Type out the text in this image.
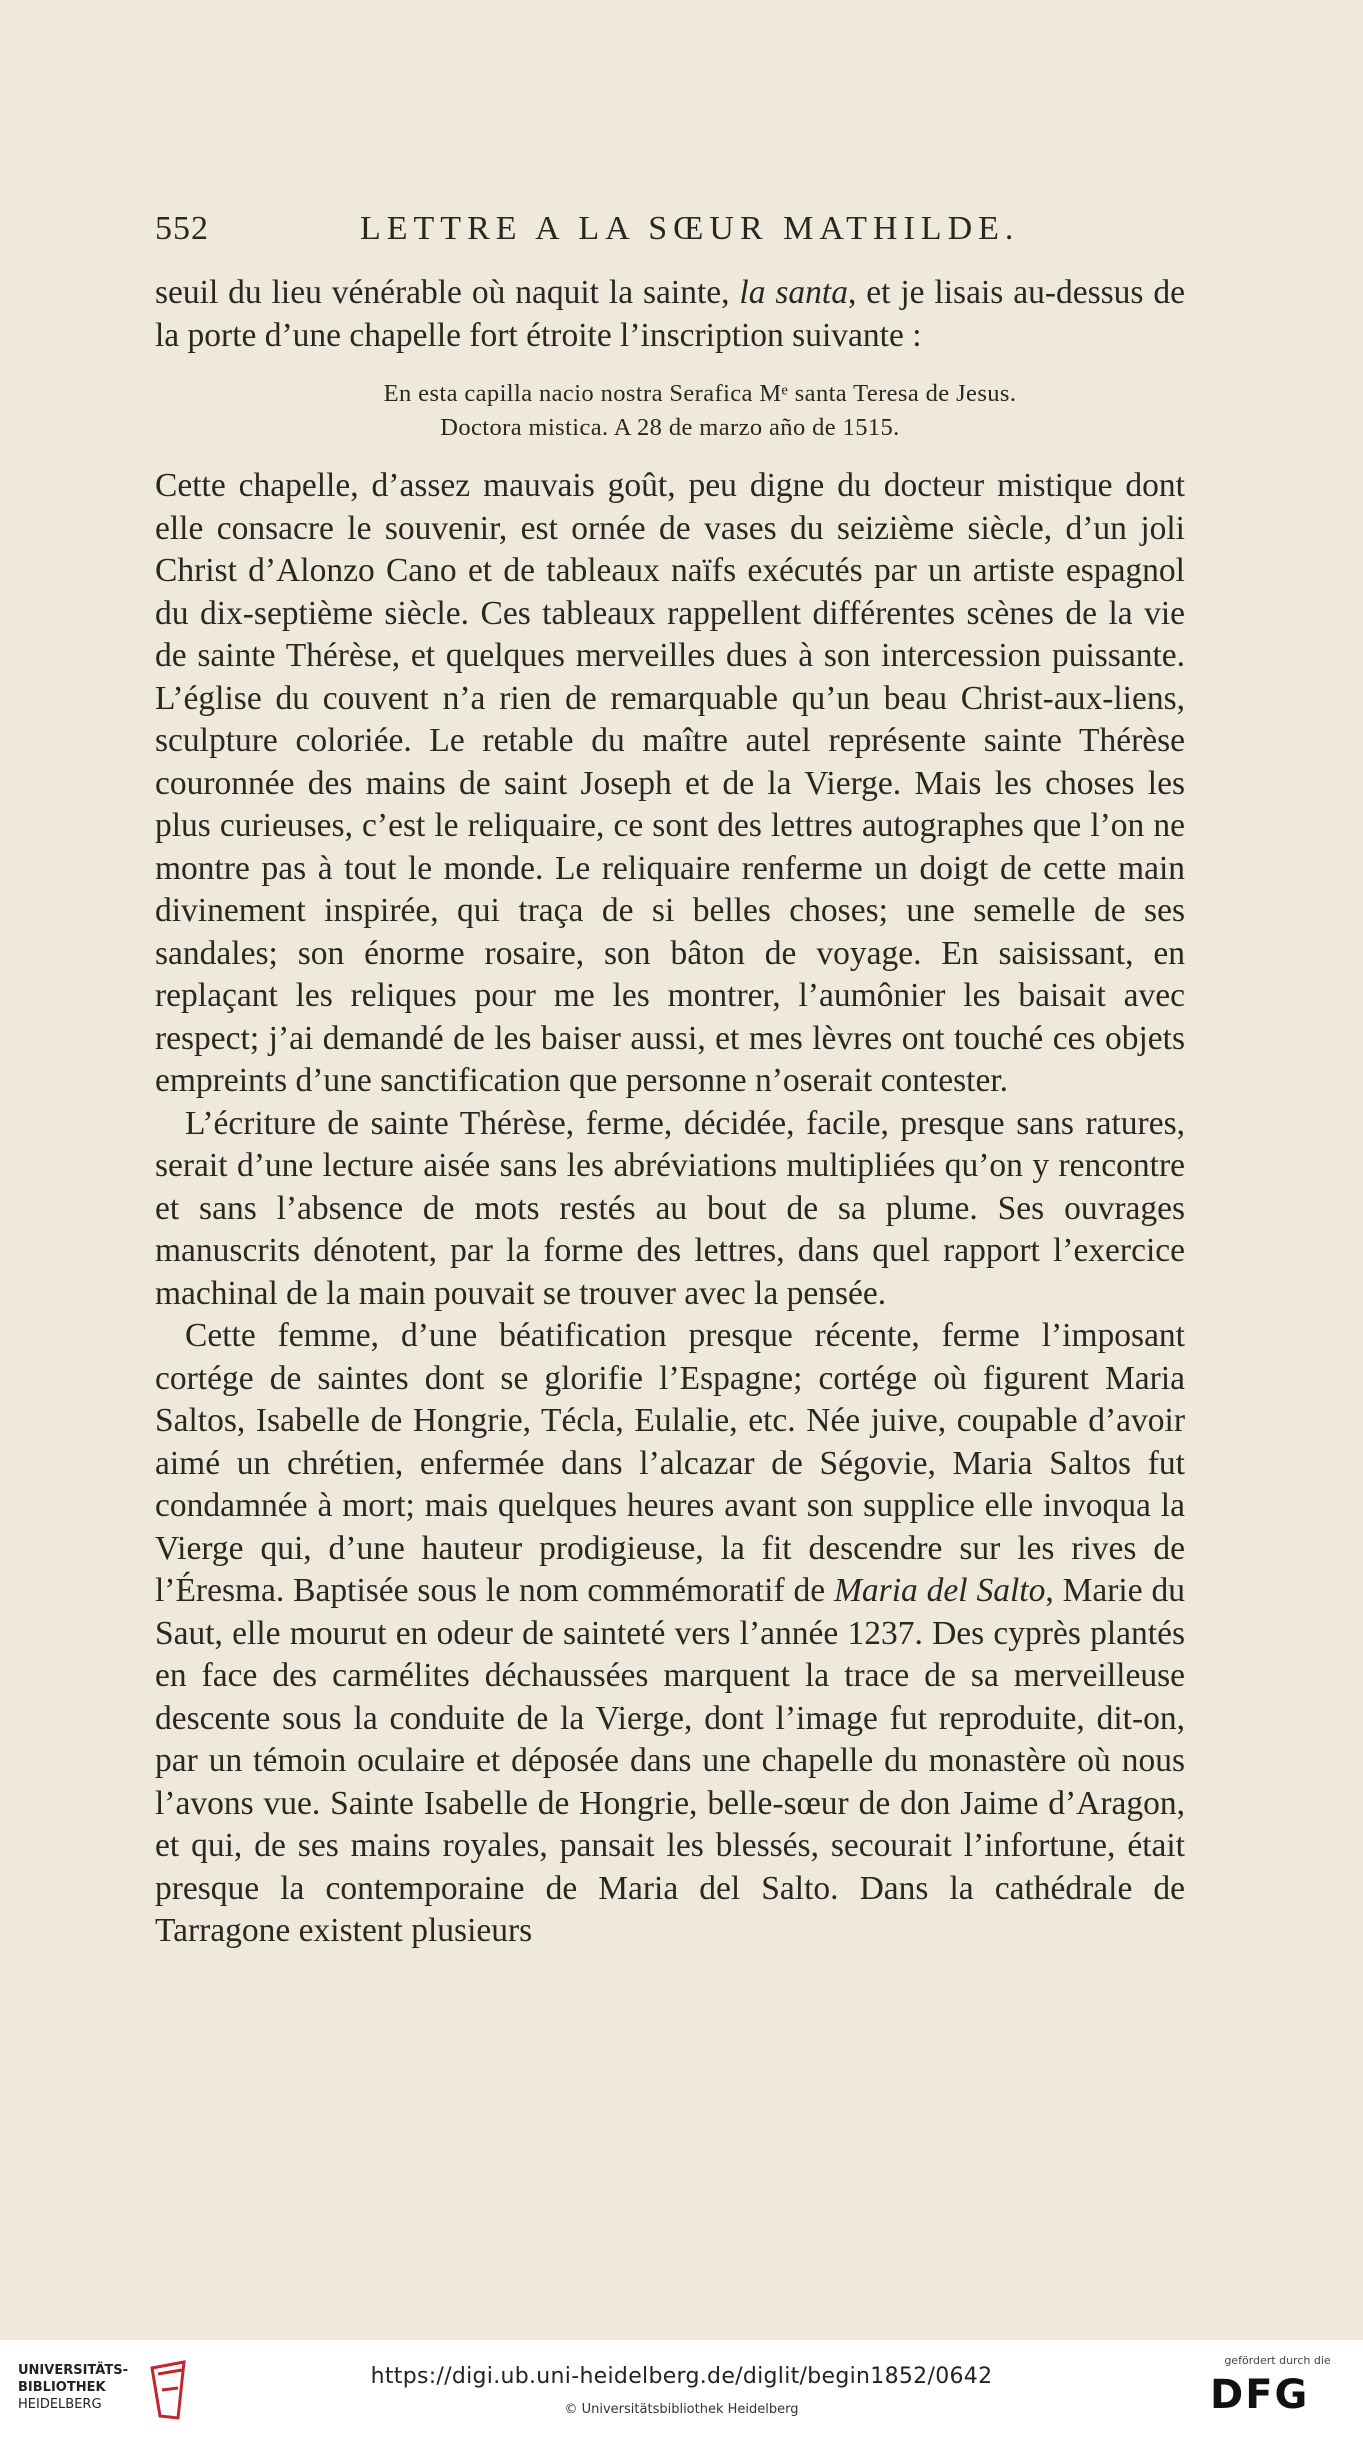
552	LETTRE A LA SŒUR MATHILDE.

seuil du lieu vénérable où naquit la sainte, la santa, et je lisais au-dessus de la porte d’une chapelle fort étroite l’inscription suivante :

En esta capilla nacio nostra Serafica Mᵉ santa Teresa de Jesus.
Doctora mistica. A 28 de marzo año de 1515.

Cette chapelle, d’assez mauvais goût, peu digne du docteur mistique dont elle consacre le souvenir, est ornée de vases du seizième siècle, d’un joli Christ d’Alonzo Cano et de tableaux naïfs exécutés par un artiste espagnol du dix-septième siècle. Ces tableaux rappellent différentes scènes de la vie de sainte Thérèse, et quelques merveilles dues à son intercession puissante. L’église du couvent n’a rien de remarquable qu’un beau Christ-aux-liens, sculpture coloriée. Le retable du maître autel représente sainte Thérèse couronnée des mains de saint Joseph et de la Vierge. Mais les choses les plus curieuses, c’est le reliquaire, ce sont des lettres autographes que l’on ne montre pas à tout le monde. Le reliquaire renferme un doigt de cette main divinement inspirée, qui traça de si belles choses; une semelle de ses sandales; son énorme rosaire, son bâton de voyage. En saisissant, en replaçant les reliques pour me les montrer, l’aumônier les baisait avec respect; j’ai demandé de les baiser aussi, et mes lèvres ont touché ces objets empreints d’une sanctification que personne n’oserait contester.

L’écriture de sainte Thérèse, ferme, décidée, facile, presque sans ratures, serait d’une lecture aisée sans les abréviations multipliées qu’on y rencontre et sans l’absence de mots restés au bout de sa plume. Ses ouvrages manuscrits dénotent, par la forme des lettres, dans quel rapport l’exercice machinal de la main pouvait se trouver avec la pensée.

Cette femme, d’une béatification presque récente, ferme l’imposant cortége de saintes dont se glorifie l’Espagne; cortége où figurent Maria Saltos, Isabelle de Hongrie, Técla, Eulalie, etc. Née juive, coupable d’avoir aimé un chrétien, enfermée dans l’alcazar de Ségovie, Maria Saltos fut condamnée à mort; mais quelques heures avant son supplice elle invoqua la Vierge qui, d’une hauteur prodigieuse, la fit descendre sur les rives de l’Éresma. Baptisée sous le nom commémoratif de Maria del Salto, Marie du Saut, elle mourut en odeur de sainteté vers l’année 1237. Des cyprès plantés en face des carmélites déchaussées marquent la trace de sa merveilleuse descente sous la conduite de la Vierge, dont l’image fut reproduite, dit-on, par un témoin oculaire et déposée dans une chapelle du monastère où nous l’avons vue. Sainte Isabelle de Hongrie, belle-sœur de don Jaime d’Aragon, et qui, de ses mains royales, pansait les blessés, secourait l’infortune, était presque la contemporaine de Maria del Salto. Dans la cathédrale de Tarragone existent plusieurs

UNIVERSITÄTS-
BIBLIOTHEK
HEIDELBERG
https://digi.ub.uni-heidelberg.de/diglit/begin1852/0642
© Universitätsbibliothek Heidelberg
gefördert durch die
DFG
